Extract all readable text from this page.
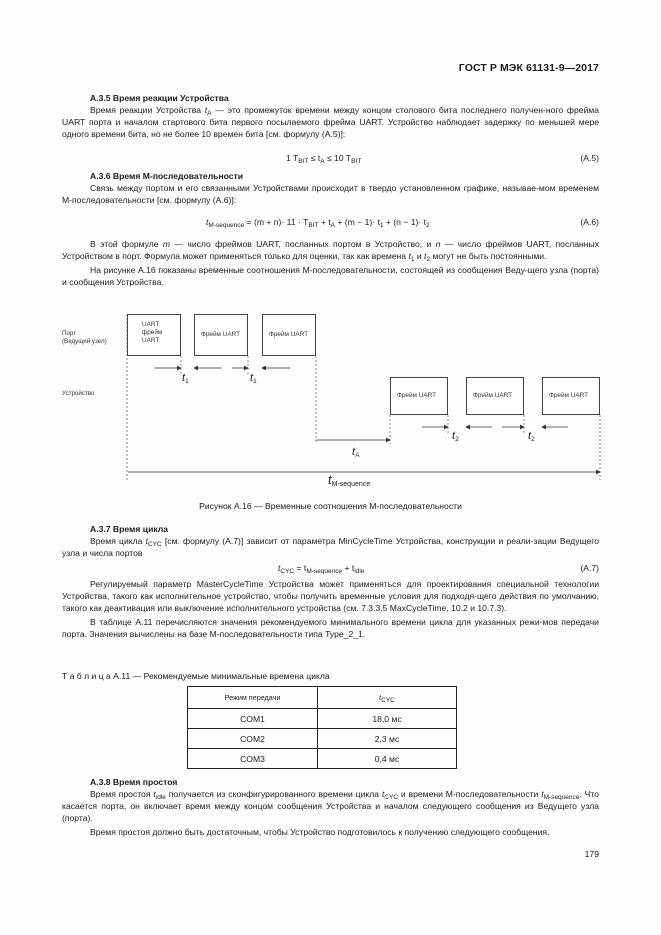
ГОСТ Р МЭК 61131-9—2017
A.3.5 Время реакции Устройства
Время реакции Устройства $t_A$ — это промежуток времени между концом столового бита последнего получен-ного фрейма UART порта и началом стартового бита первого посылаемого фрейма UART. Устройство наблюдает задержку по меньшей мере одного времени бита, но не более 10 времен бита [см. формулу (A.5)]:
1 $T_{BIT} \le t_A \le 10$ $T_{BIT}$	(A.5)
A.3.6 Время М-последовательности
Связь между портом и его связанными Устройствами происходит в твердо установленном графике, называе-мом временем М-последовательности [см. формулу (A.6)]:
$t_{M-sequence} = (m + n)\cdot 11 \cdot T_{BIT} + t_A + (m - 1)\cdot t_1 + (n - 1)\cdot t_2$	(A.6)
В этой формуле m — число фреймов UART, посланных портом в Устройство, и n — число фреймов UART, посланных Устройством в порт. Формула может применяться только для оценки, так как времена $t_1$ и $t_2$ могут не быть постоянными.
На рисунке A.16 показаны временные соотношения М-последовательности, состоящей из сообщения Веду-щего узла (порта) и сообщения Устройства.
Порт
(Ведущий узел)
Устройство
UART фрейм UART
Фрейм UART	Фрейм UART
Фрейм UART	Фрейм UART	Фрейм UART
$t_1$	$t_1$
$t_2$	$t_2$
$t_A$
$t_{M-sequence}$
Рисунок A.16 — Временные соотношения М-последовательности
A.3.7 Время цикла
Время цикла $t_{CYC}$ [см. формулу (A.7)] зависит от параметра MinCycleTime Устройства, конструкции и реали-зации Ведущего узла и числа портов
$t_{CYC} = t_{M-sequence} + t_{idle}$	(A.7)
Регулируемый параметр MasterCycleTime Устройства может применяться для проектирования специальной технологии Устройства, такого как исполнительное устройство, чтобы получить временные условия для подходя-щего действия по умолчанию, такого как деактивация или выключение исполнительного устройства (см. 7.3.3.5 MaxCycleTime, 10.2 и 10.7.3).
В таблице A.11 перечисляются значения рекомендуемого минимального времени цикла для указанных режи-мов передачи порта. Значения вычислены на базе М-последовательности типа Type_2_1.
Т а б л и ц а A.11 — Рекомендуемые минимальные времена цикла
Режим передачи	$t_{CYC}$
COM1	18,0 мс
COM2	2,3 мс
COM3	0,4 мс
A.3.8 Время простоя
Время простоя $t_{idle}$ получается из сконфигурированного времени цикла $t_{CYC}$ и времени М-последовательности $t_{M-sequence}$. Что касается порта, он включает время между концом сообщения Устройства и началом следующего сообщения из Ведущего узла (порта).
Время простоя должно быть достаточным, чтобы Устройство подготовилось к получению следующего сообщения.
179
